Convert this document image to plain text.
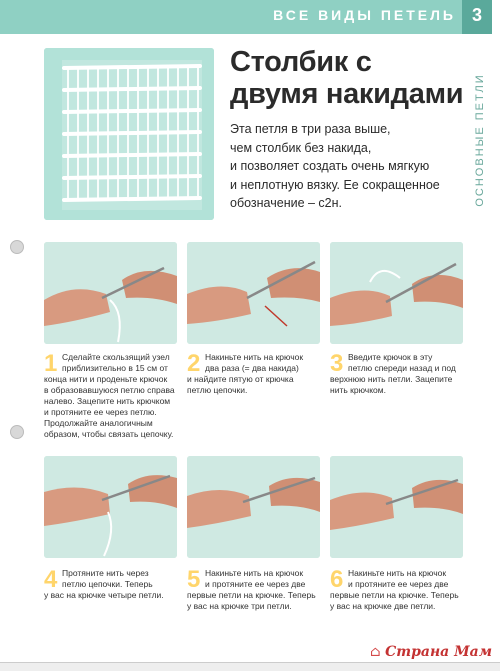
ВСЕ ВИДЫ ПЕТЕЛЬ 3
ОСНОВНЫЕ ПЕТЛИ
Столбик с
двумя накидами
Эта петля в три раза выше,
чем столбик без накида,
и позволяет создать очень мягкую
и неплотную вязку. Ее сокращенное
обозначение – с2н.
1 Сделайте скользящий узел
приблизительно в 15 см от
конца нити и проденьте крючок
в образовавшуюся петлю справа
налево. Зацепите нить крючком
и протяните ее через петлю.
Продолжайте аналогичным
образом, чтобы связать цепочку.
2 Накиньте нить на крючок
два раза (= два накида)
и найдите пятую от крючка
петлю цепочки.
3 Введите крючок в эту
петлю спереди назад и под
верхнюю нить петли. Зацепите
нить крючком.
4 Протяните нить через
петлю цепочки. Теперь
у вас на крючке четыре петли.
5 Накиньте нить на крючок
и протяните ее через две
первые петли на крючке. Теперь
у вас на крючке три петли.
6 Накиньте нить на крючок
и протяните ее через две
первые петли на крючке. Теперь
у вас на крючке две петли.
⌂ Страна Мам
